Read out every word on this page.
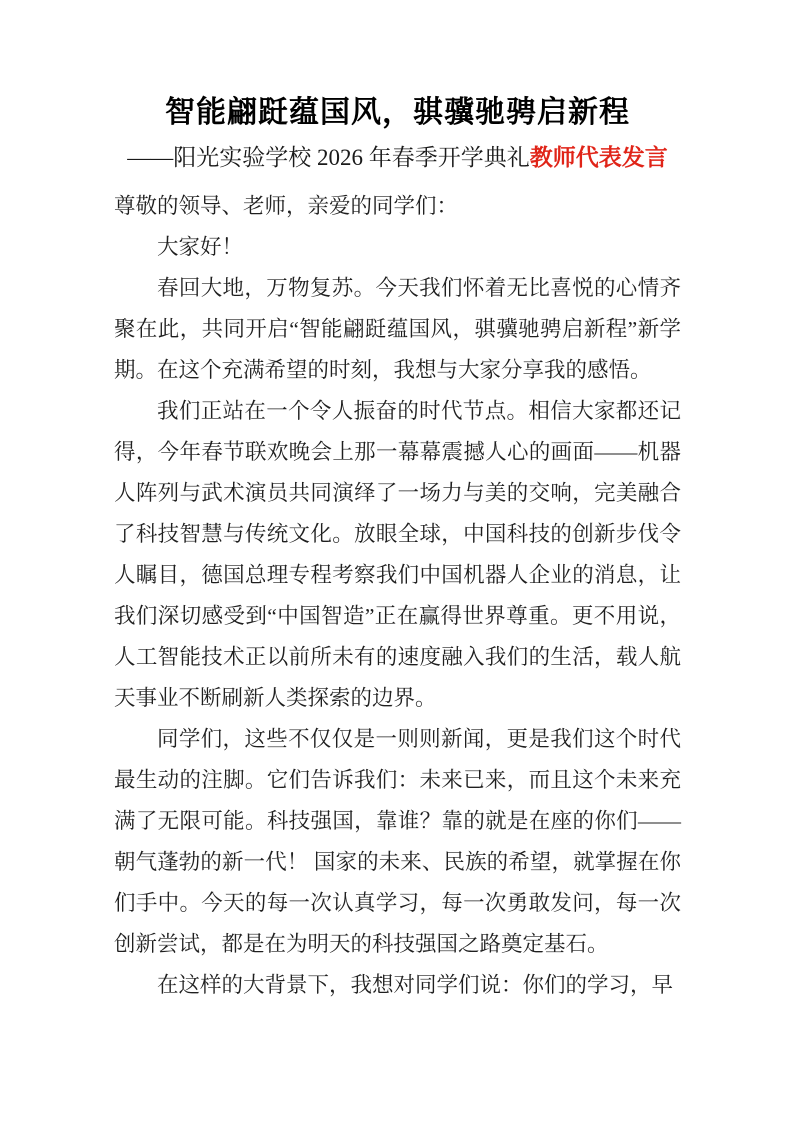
智能翩跹蕴国风，骐骥驰骋启新程
——阳光实验学校 2026 年春季开学典礼教师代表发言

尊敬的领导、老师，亲爱的同学们：

大家好！

春回大地，万物复苏。今天我们怀着无比喜悦的心情齐聚在此，共同开启“智能翩跹蕴国风，骐骥驰骋启新程”新学期。在这个充满希望的时刻，我想与大家分享我的感悟。

我们正站在一个令人振奋的时代节点。相信大家都还记得，今年春节联欢晚会上那一幕幕震撼人心的画面——机器人阵列与武术演员共同演绎了一场力与美的交响，完美融合了科技智慧与传统文化。放眼全球，中国科技的创新步伐令人瞩目，德国总理专程考察我们中国机器人企业的消息，让我们深切感受到“中国智造”正在赢得世界尊重。更不用说，人工智能技术正以前所未有的速度融入我们的生活，载人航天事业不断刷新人类探索的边界。

同学们，这些不仅仅是一则则新闻，更是我们这个时代最生动的注脚。它们告诉我们：未来已来，而且这个未来充满了无限可能。科技强国，靠谁？靠的就是在座的你们——朝气蓬勃的新一代！ 国家的未来、民族的希望，就掌握在你们手中。今天的每一次认真学习，每一次勇敢发问，每一次创新尝试，都是在为明天的科技强国之路奠定基石。

在这样的大背景下，我想对同学们说：你们的学习，早
